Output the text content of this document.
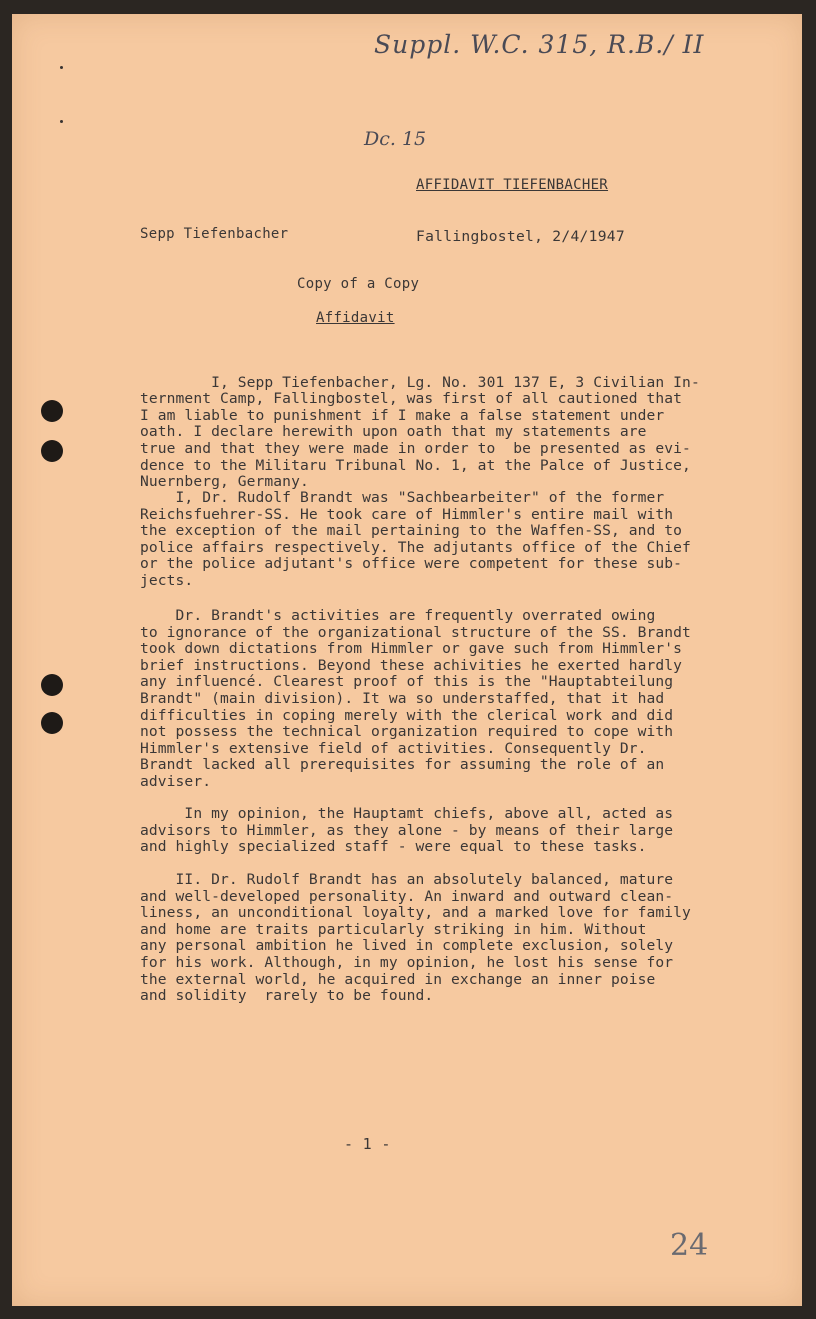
Suppl. W.C. 315, R.B./ II
Dc. 15
AFFIDAVIT TIEFENBACHER
Sepp Tiefenbacher	Fallingbostel, 2/4/1947
Copy of a Copy
Affidavit

I, Sepp Tiefenbacher, Lg. No. 301 137 E, 3 Civilian In-
ternment Camp, Fallingbostel, was first of all cautioned that
I am liable to punishment if I make a false statement under
oath. I declare herewith upon oath that my statements are
true and that they were made in order to  be presented as evi-
dence to the Militaru Tribunal No. 1, at the Palce of Justice,
Nuernberg, Germany.

I, Dr. Rudolf Brandt was "Sachbearbeiter" of the former
Reichsfuehrer-SS. He took care of Himmler's entire mail with
the exception of the mail pertaining to the Waffen-SS, and to
police affairs respectively. The adjutants office of the Chief
or the police adjutant's office were competent for these sub-
jects.

Dr. Brandt's activities are frequently overrated owing
to ignorance of the organizational structure of the SS. Brandt
took down dictations from Himmler or gave such from Himmler's
brief instructions. Beyond these achivities he exerted hardly
any influencé. Clearest proof of this is the "Hauptabteilung
Brandt" (main division). It wa so understaffed, that it had
difficulties in coping merely with the clerical work and did
not possess the technical organization required to cope with
Himmler's extensive field of activities. Consequently Dr.
Brandt lacked all prerequisites for assuming the role of an
adviser.

In my opinion, the Hauptamt chiefs, above all, acted as
advisors to Himmler, as they alone - by means of their large
and highly specialized staff - were equal to these tasks.

II. Dr. Rudolf Brandt has an absolutely balanced, mature
and well-developed personality. An inward and outward clean-
liness, an unconditional loyalty, and a marked love for family
and home are traits particularly striking in him. Without
any personal ambition he lived in complete exclusion, solely
for his work. Although, in my opinion, he lost his sense for
the external world, he acquired in exchange an inner poise
and solidity  rarely to be found.

- 1 -
24
